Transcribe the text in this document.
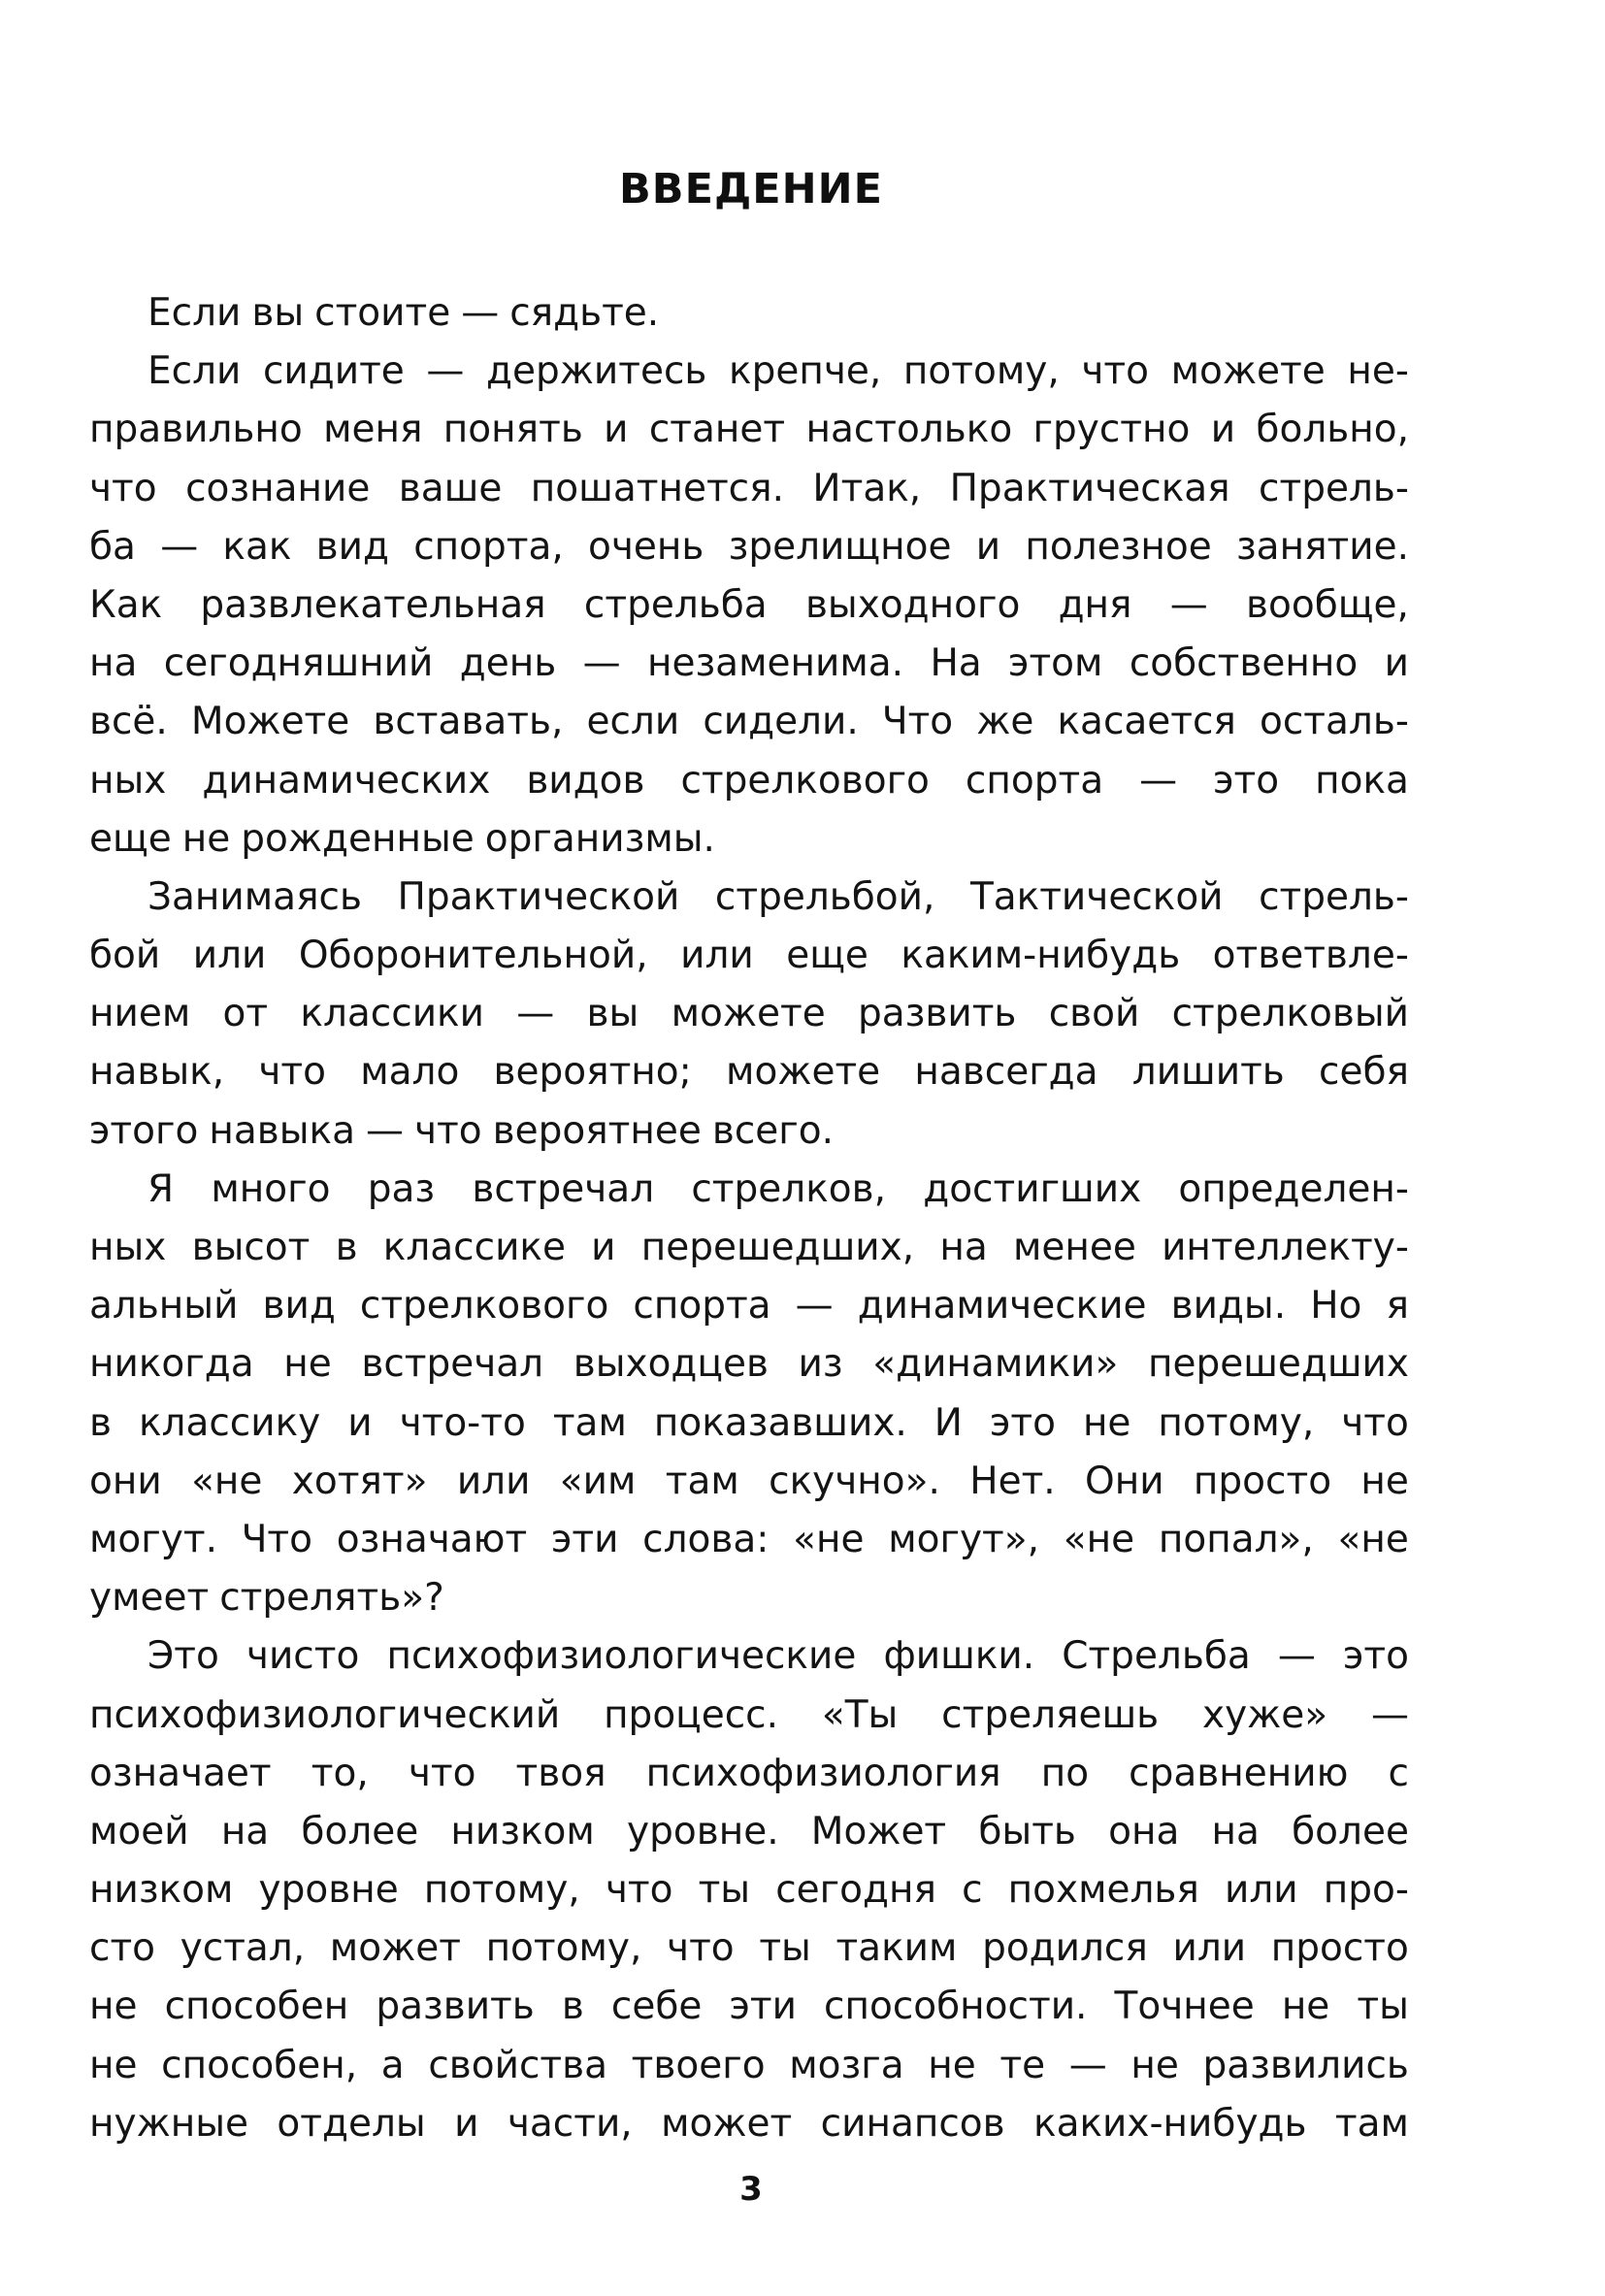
ВВЕДЕНИЕ
Если вы стоите — сядьте.
Если сидите — держитесь крепче, потому, что можете не-
правильно меня понять и станет настолько грустно и больно,
что сознание ваше пошатнется. Итак, Практическая стрель-
ба — как вид спорта, очень зрелищное и полезное занятие.
Как развлекательная стрельба выходного дня — вообще,
на сегодняшний день — незаменима. На этом собственно и
всё. Можете вставать, если сидели. Что же касается осталь-
ных динамических видов стрелкового спорта — это пока
еще не рожденные организмы.
Занимаясь Практической стрельбой, Тактической стрель-
бой или Оборонительной, или еще каким-нибудь ответвле-
нием от классики — вы можете развить свой стрелковый
навык, что мало вероятно; можете навсегда лишить себя
этого навыка — что вероятнее всего.
Я много раз встречал стрелков, достигших определен-
ных высот в классике и перешедших, на менее интеллекту-
альный вид стрелкового спорта — динамические виды. Но я
никогда не встречал выходцев из «динамики» перешедших
в классику и что-то там показавших. И это не потому, что
они «не хотят» или «им там скучно». Нет. Они просто не
могут. Что означают эти слова: «не могут», «не попал», «не
умеет стрелять»?
Это чисто психофизиологические фишки. Стрельба — это
психофизиологический процесс. «Ты стреляешь хуже» —
означает то, что твоя психофизиология по сравнению с
моей на более низком уровне. Может быть она на более
низком уровне потому, что ты сегодня с похмелья или про-
сто устал, может потому, что ты таким родился или просто
не способен развить в себе эти способности. Точнее не ты
не способен, а свойства твоего мозга не те — не развились
нужные отделы и части, может синапсов каких-нибудь там
3
